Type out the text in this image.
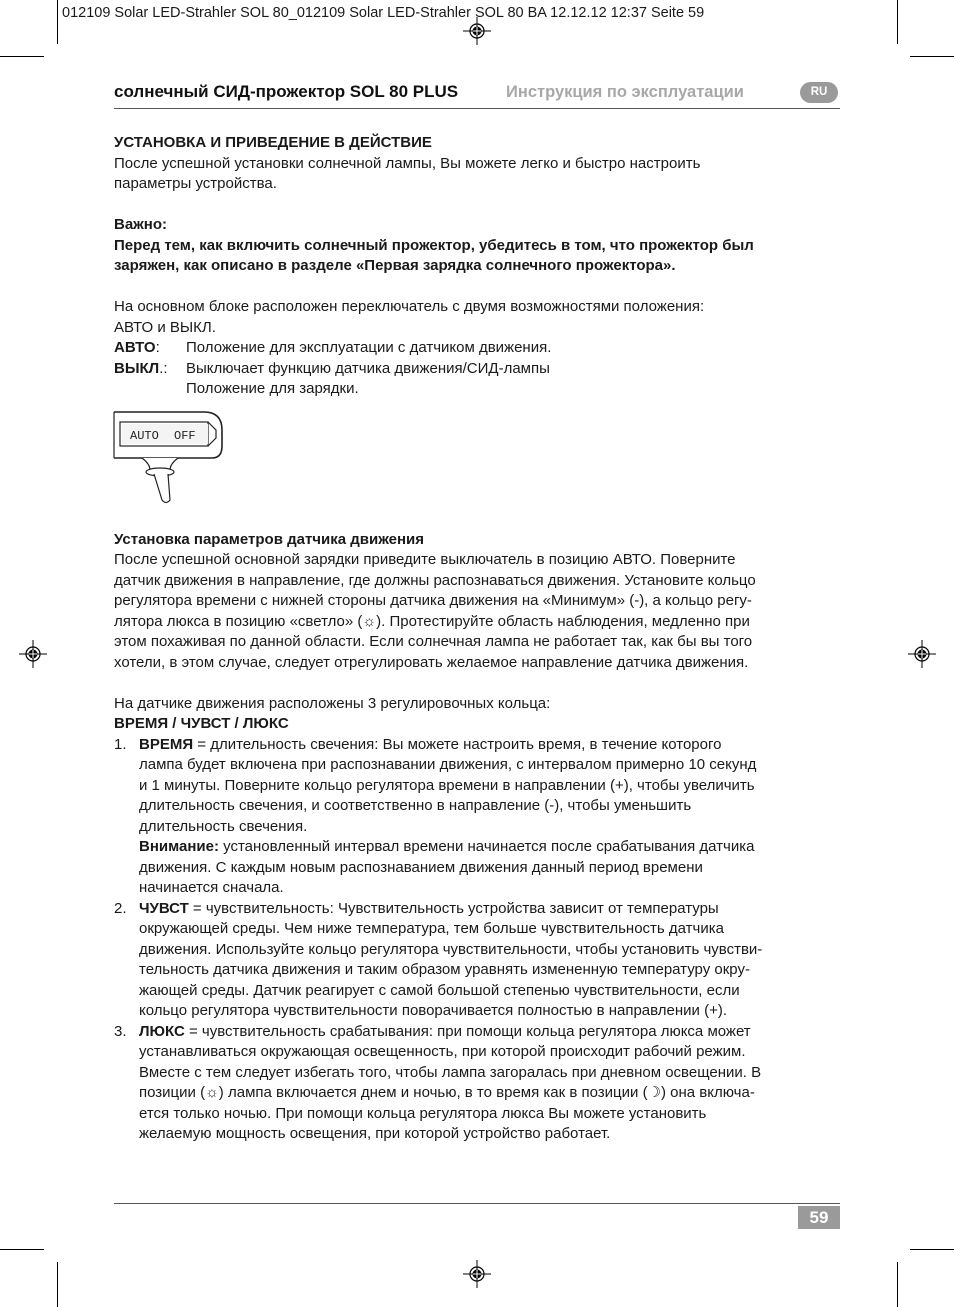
012109 Solar LED-Strahler SOL 80_012109 Solar LED-Strahler SOL 80 BA 12.12.12 12:37 Seite 59
солнечный СИД-прожектор SOL 80 PLUS	Инструкция по эксплуатации	RU

УСТАНОВКА И ПРИВЕДЕНИЕ В ДЕЙСТВИЕ

После успешной установки солнечной лампы, Вы можете легко и быстро настроить

параметры устройства.

Важно:

Перед тем, как включить солнечный прожектор, убедитесь в том, что прожектор был

заряжен, как описано в разделе «Первая зарядка солнечного прожектора».

На основном блоке расположен переключатель с двумя возможностями положения:

АВТО и ВЫКЛ.

АВТО: Положение для эксплуатации с датчиком движения.
ВЫКЛ.: Выключает функцию датчика движения/СИД-лампы
Положение для зарядки.
AUTO OFF

Установка параметров датчика движения

После успешной основной зарядки приведите выключатель в позицию АВТО. Поверните

датчик движения в направление, где должны распознаваться движения. Установите кольцо

регулятора времени с нижней стороны датчика движения на «Минимум» (-), а кольцо регу-

лятора люкса в позицию «светло» (☼). Протестируйте область наблюдения, медленно при

этом похаживая по данной области. Если солнечная лампа не работает так, как бы вы того

хотели, в этом случае, следует отрегулировать желаемое направление датчика движения.

На датчике движения расположены 3 регулировочных кольца:

ВРЕМЯ / ЧУВСТ / ЛЮКС

1. ВРЕМЯ = длительность свечения: Вы можете настроить время, в течение которого

лампа будет включена при распознавании движения, с интервалом примерно 10 секунд

и 1 минуты. Поверните кольцо регулятора времени в направлении (+), чтобы увеличить

длительность свечения, и соответственно в направление (-), чтобы уменьшить

длительность свечения.

Внимание: установленный интервал времени начинается после срабатывания датчика

движения. С каждым новым распознаванием движения данный период времени

начинается сначала.

2. ЧУВСТ = чувствительность: Чувствительность устройства зависит от температуры

окружающей среды. Чем ниже температура, тем больше чувствительность датчика

движения. Используйте кольцо регулятора чувствительности, чтобы установить чувстви-

тельность датчика движения и таким образом уравнять измененную температуру окру-

жающей среды. Датчик реагирует с самой большой степенью чувствительности, если

кольцо регулятора чувствительности поворачивается полностью в направлении (+).

3. ЛЮКС = чувствительность срабатывания: при помощи кольца регулятора люкса может

устанавливаться окружающая освещенность, при которой происходит рабочий режим.

Вместе с тем следует избегать того, чтобы лампа загоралась при дневном освещении. В

позиции (☼) лампа включается днем и ночью, в то время как в позиции (☽) она включа-

ется только ночью. При помощи кольца регулятора люкса Вы можете установить

желаемую мощность освещения, при которой устройство работает.

59
